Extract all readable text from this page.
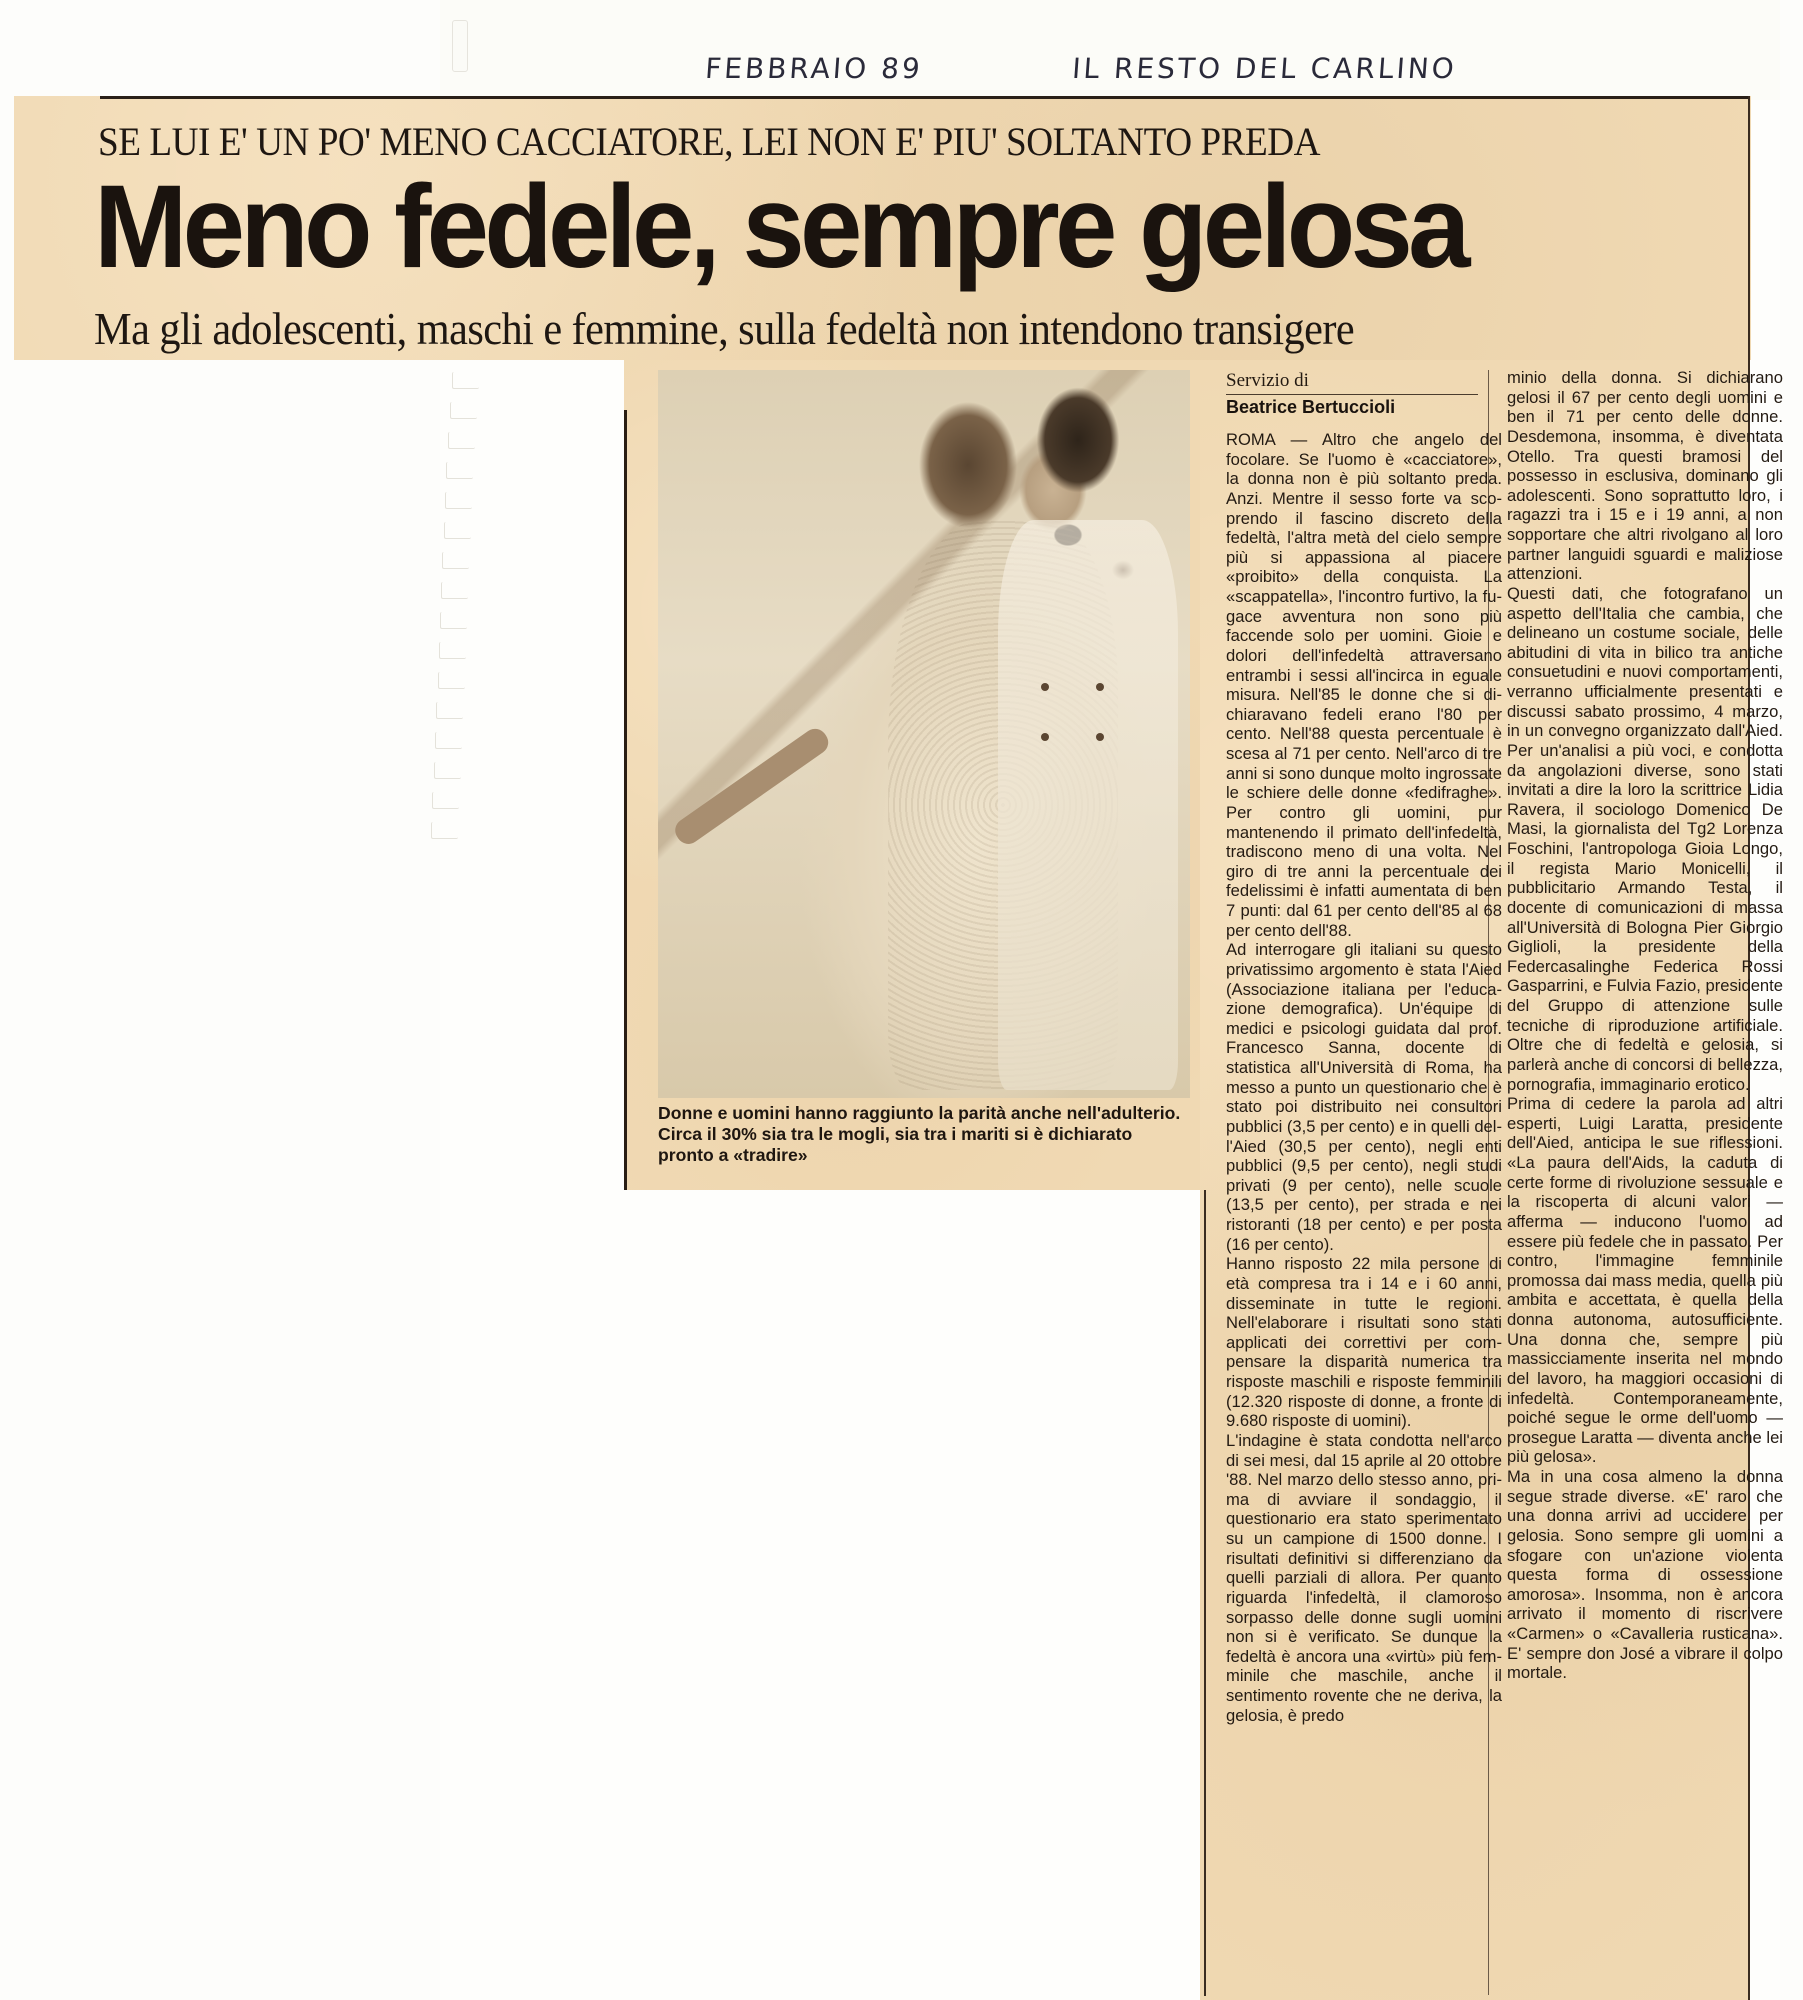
FEBBRAIO 89	IL RESTO DEL CARLINO
SE LUI E' UN PO' MENO CACCIATORE, LEI NON E' PIU' SOLTANTO PREDA
Meno fedele, sempre gelosa
Ma gli adolescenti, maschi e femmine, sulla fedeltà non intendono transigere
Donne e uomini hanno raggiunto la parità anche nell'adulterio. Circa il 30% sia tra le mogli, sia tra i mariti si è dichiarato pronto a «tradire»
Servizio di
Beatrice Bertuccioli

ROMA — Altro che angelo del focolare. Se l'uomo è «cacciatore», la donna non è più soltanto preda. Anzi. Mentre il sesso forte va scoprendo il fascino discreto della fedeltà, l'altra metà del cielo sempre più si appassiona al piacere «proibito» della conquista. La «scappatella», l'incontro furtivo, la fugace avventura non sono più faccende solo per uomini. Gioie e dolori dell'infedeltà attraversano entrambi i sessi all'incirca in eguale misura. Nell'85 le donne che si dichiaravano fedeli erano l'80 per cento. Nell'88 questa percentuale è scesa al 71 per cento. Nell'arco di tre anni si sono dunque molto ingrossate le schiere delle donne «fedifraghe». Per contro gli uomini, pur mantenendo il primato dell'infedeltà, tradiscono meno di una volta. Nel giro di tre anni la percentuale dei fedelissimi è infatti aumentata di ben 7 punti: dal 61 per cento dell'85 al 68 per cento dell'88.

Ad interrogare gli italiani su questo privatissimo argomento è stata l'Aied (Associazione italiana per l'educazione demografica). Un'équipe di medici e psicologi guidata dal prof. Francesco Sanna, docente di statistica all'Università di Roma, ha messo a punto un questionario che è stato poi distribuito nei consultori pubblici (3,5 per cento) e in quelli dell'Aied (30,5 per cento), negli enti pubblici (9,5 per cento), negli studi privati (9 per cento), nelle scuole (13,5 per cento), per strada e nei ristoranti (18 per cento) e per posta (16 per cento).

Hanno risposto 22 mila persone di età compresa tra i 14 e i 60 anni, disseminate in tutte le regioni. Nell'elaborare i risultati sono stati applicati dei correttivi per compensare la disparità numerica tra risposte maschili e risposte femminili (12.320 risposte di donne, a fronte di 9.680 risposte di uomini).

L'indagine è stata condotta nell'arco di sei mesi, dal 15 aprile al 20 ottobre '88. Nel marzo dello stesso anno, prima di avviare il sondaggio, il questionario era stato sperimentato su un campione di 1500 donne. I risultati definitivi si differenziano da quelli parziali di allora. Per quanto riguarda l'infedeltà, il clamoroso sorpasso delle donne sugli uomini non si è verificato. Se dunque la fedeltà è ancora una «virtù» più femminile che maschile, anche il sentimento rovente che ne deriva, la gelosia, è predo

minio della donna. Si dichiarano gelosi il 67 per cento degli uomini e ben il 71 per cento delle donne. Desdemona, insomma, è diventata Otello. Tra questi bramosi del possesso in esclusiva, dominano gli adolescenti. Sono soprattutto loro, i ragazzi tra i 15 e i 19 anni, a non sopportare che altri rivolgano al loro partner languidi sguardi e maliziose attenzioni.

Questi dati, che fotografano un aspetto dell'Italia che cambia, che delineano un costume sociale, delle abitudini di vita in bilico tra antiche consuetudini e nuovi comportamenti, verranno ufficialmente presentati e discussi sabato prossimo, 4 marzo, in un convegno organizzato dall'Aied. Per un'analisi a più voci, e condotta da angolazioni diverse, sono stati invitati a dire la loro la scrittrice Lidia Ravera, il sociologo Domenico De Masi, la giornalista del Tg2 Lorenza Foschini, l'antropologa Gioia Longo, il regista Mario Monicelli, il pubblicitario Armando Testa, il docente di comunicazioni di massa all'Università di Bologna Pier Giorgio Giglioli, la presidente della Federcasalinghe Federica Rossi Gasparrini, e Fulvia Fazio, presidente del Gruppo di attenzione sulle tecniche di riproduzione artificiale. Oltre che di fedeltà e gelosia, si parlerà anche di concorsi di bellezza, pornografia, immaginario erotico.

Prima di cedere la parola ad altri esperti, Luigi Laratta, presidente dell'Aied, anticipa le sue riflessioni. «La paura dell'Aids, la caduta di certe forme di rivoluzione sessuale e la riscoperta di alcuni valori — afferma — inducono l'uomo ad essere più fedele che in passato. Per contro, l'immagine femminile promossa dai mass media, quella più ambita e accettata, è quella della donna autonoma, autosufficiente. Una donna che, sempre più massicciamente inserita nel mondo del lavoro, ha maggiori occasioni di infedeltà. Contemporaneamente, poiché segue le orme dell'uomo — prosegue Laratta — diventa anche lei più gelosa».

Ma in una cosa almeno la donna segue strade diverse. «E' raro che una donna arrivi ad uccidere per gelosia. Sono sempre gli uomini a sfogare con un'azione violenta questa forma di ossessione amorosa». Insomma, non è ancora arrivato il momento di riscrivere «Carmen» o «Cavalleria rusticana». E' sempre don José a vibrare il colpo mortale.
